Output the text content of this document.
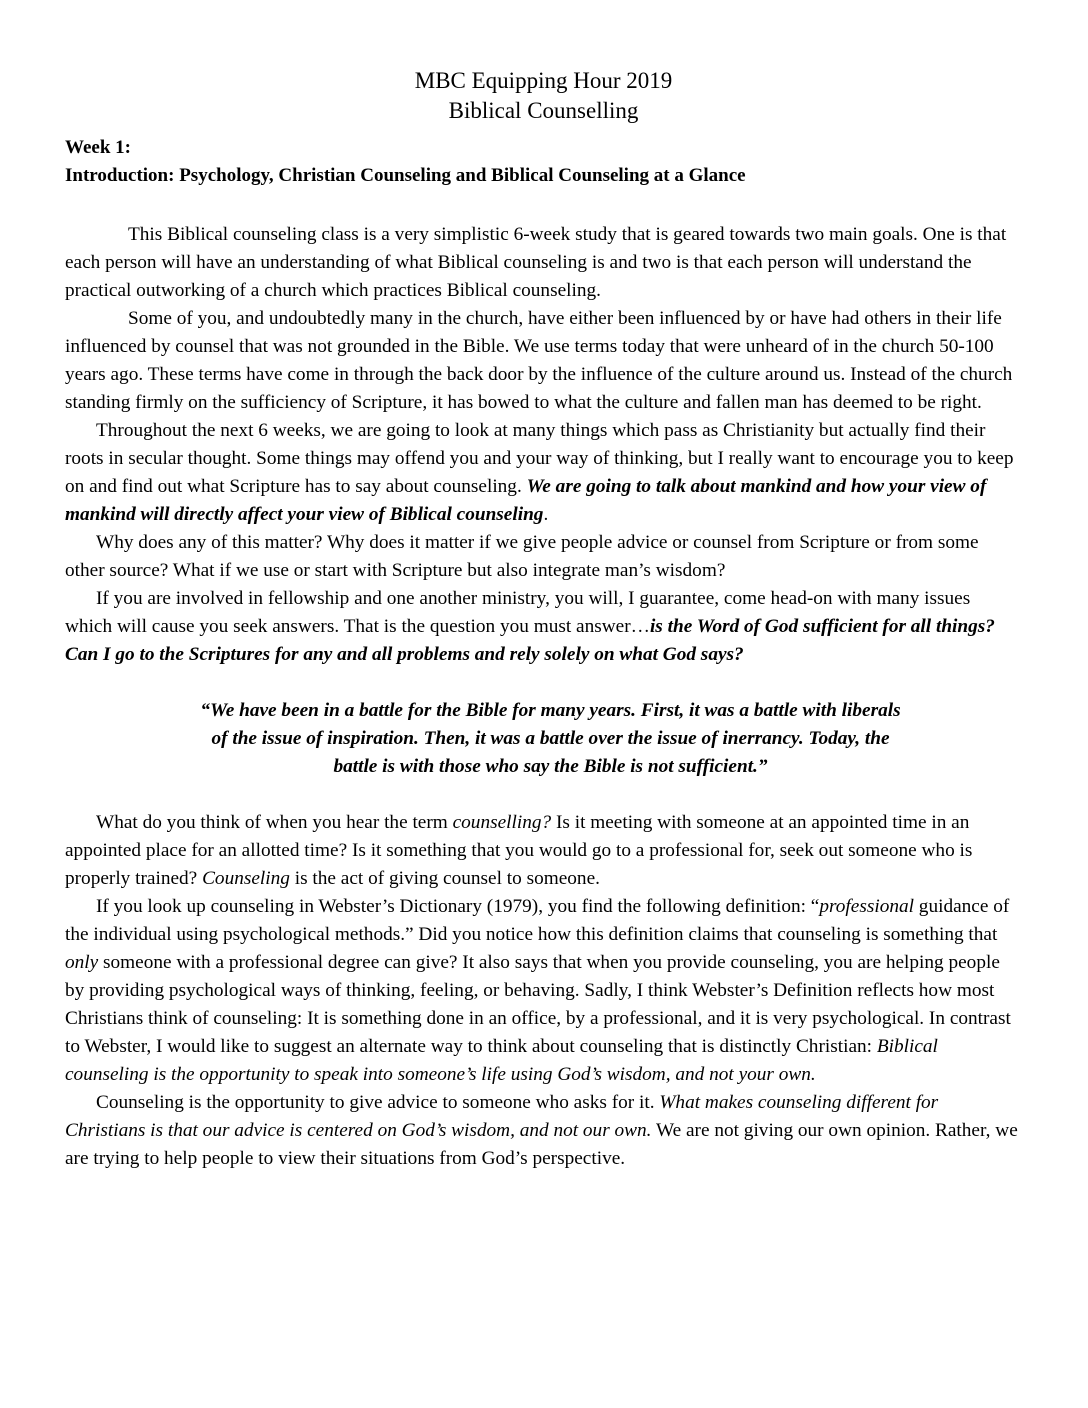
MBC Equipping Hour 2019
Biblical Counselling
Week 1:
Introduction: Psychology, Christian Counseling and Biblical Counseling at a Glance

This Biblical counseling class is a very simplistic 6-week study that is geared towards two main goals. One is that each person will have an understanding of what Biblical counseling is and two is that each person will understand the practical outworking of a church which practices Biblical counseling.

Some of you, and undoubtedly many in the church, have either been influenced by or have had others in their life influenced by counsel that was not grounded in the Bible. We use terms today that were unheard of in the church 50-100 years ago. These terms have come in through the back door by the influence of the culture around us. Instead of the church standing firmly on the sufficiency of Scripture, it has bowed to what the culture and fallen man has deemed to be right.

Throughout the next 6 weeks, we are going to look at many things which pass as Christianity but actually find their roots in secular thought. Some things may offend you and your way of thinking, but I really want to encourage you to keep on and find out what Scripture has to say about counseling. We are going to talk about mankind and how your view of mankind will directly affect your view of Biblical counseling.

Why does any of this matter? Why does it matter if we give people advice or counsel from Scripture or from some other source? What if we use or start with Scripture but also integrate man’s wisdom?

If you are involved in fellowship and one another ministry, you will, I guarantee, come head-on with many issues which will cause you seek answers. That is the question you must answer…is the Word of God sufficient for all things? Can I go to the Scriptures for any and all problems and rely solely on what God says?

“We have been in a battle for the Bible for many years. First, it was a battle with liberals of the issue of inspiration. Then, it was a battle over the issue of inerrancy. Today, the battle is with those who say the Bible is not sufficient.”

What do you think of when you hear the term counselling? Is it meeting with someone at an appointed time in an appointed place for an allotted time? Is it something that you would go to a professional for, seek out someone who is properly trained? Counseling is the act of giving counsel to someone.

If you look up counseling in Webster’s Dictionary (1979), you find the following definition: “professional guidance of the individual using psychological methods.” Did you notice how this definition claims that counseling is something that only someone with a professional degree can give? It also says that when you provide counseling, you are helping people by providing psychological ways of thinking, feeling, or behaving. Sadly, I think Webster’s Definition reflects how most Christians think of counseling: It is something done in an office, by a professional, and it is very psychological. In contrast to Webster, I would like to suggest an alternate way to think about counseling that is distinctly Christian: Biblical counseling is the opportunity to speak into someone’s life using God’s wisdom, and not your own.

Counseling is the opportunity to give advice to someone who asks for it. What makes counseling different for Christians is that our advice is centered on God’s wisdom, and not our own. We are not giving our own opinion. Rather, we are trying to help people to view their situations from God’s perspective.
